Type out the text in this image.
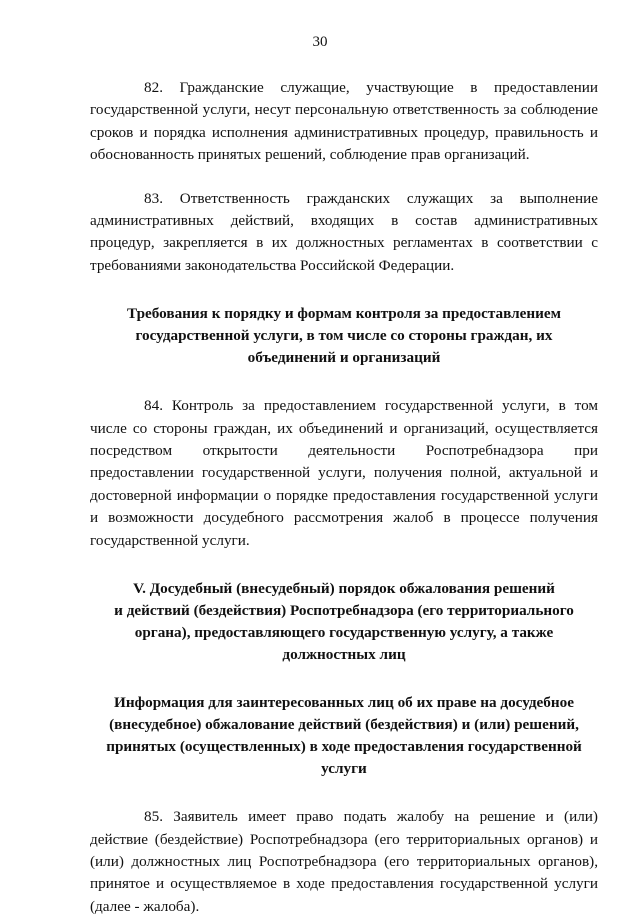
30

82. Гражданские служащие, участвующие в предоставлении государственной услуги, несут персональную ответственность за соблюдение сроков и порядка исполнения административных процедур, правильность и обоснованность принятых решений, соблюдение прав организаций.

83. Ответственность гражданских служащих за выполнение административных действий, входящих в состав административных процедур, закрепляется в их должностных регламентах в соответствии с требованиями законодательства Российской Федерации.

Требования к порядку и формам контроля за предоставлением
государственной услуги, в том числе со стороны граждан, их
объединений и организаций

84. Контроль за предоставлением государственной услуги, в том числе со стороны граждан, их объединений и организаций, осуществляется посредством открытости деятельности Роспотребнадзора при предоставлении государственной услуги, получения полной, актуальной и достоверной информации о порядке предоставления государственной услуги и возможности досудебного рассмотрения жалоб в процессе получения государственной услуги.

V. Досудебный (внесудебный) порядок обжалования решений
и действий (бездействия) Роспотребнадзора (его территориального
органа), предоставляющего государственную услугу, а также
должностных лиц
Информация для заинтересованных лиц об их праве на досудебное
(внесудебное) обжалование действий (бездействия) и (или) решений,
принятых (осуществленных) в ходе предоставления государственной
услуги

85. Заявитель имеет право подать жалобу на решение и (или) действие (бездействие) Роспотребнадзора (его территориальных органов) и (или) должностных лиц Роспотребнадзора (его территориальных органов), принятое и осуществляемое в ходе предоставления государственной услуги (далее - жалоба).
